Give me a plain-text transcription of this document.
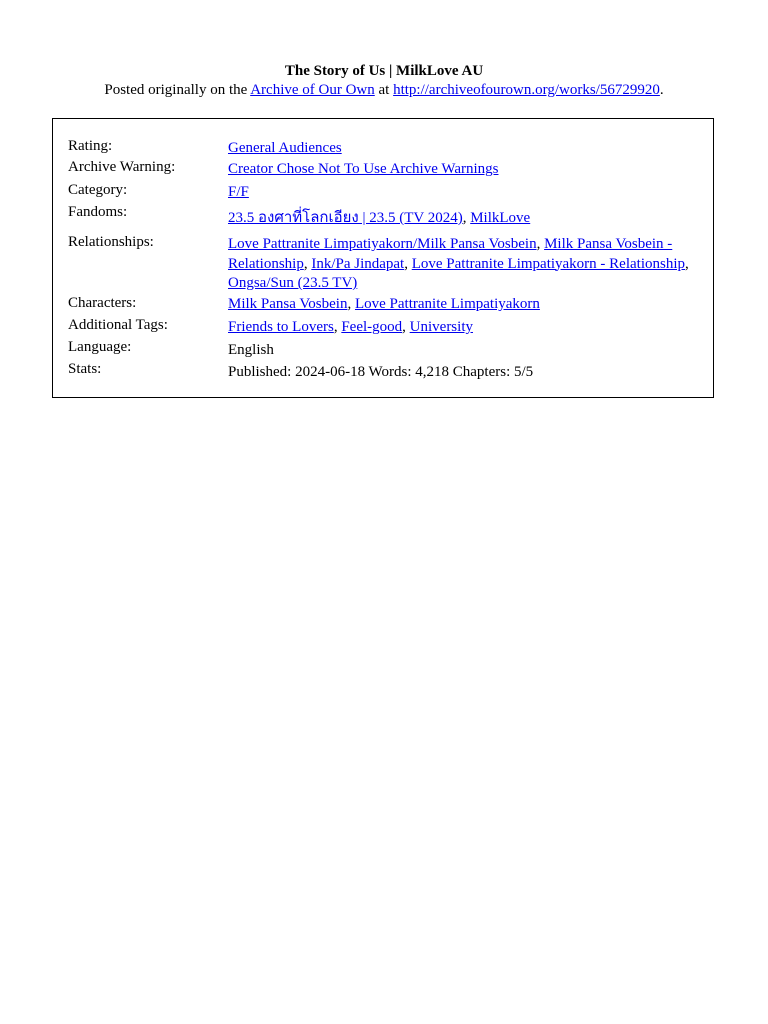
The Story of Us | MilkLove AU
Posted originally on the Archive of Our Own at http://archiveofourown.org/works/56729920.
Rating:	General Audiences
Archive Warning:	Creator Chose Not To Use Archive Warnings
Category:	F/F
Fandoms:	23.5 องศาที่โลกเอียง | 23.5 (TV 2024), MilkLove
Relationships:	Love Pattranite Limpatiyakorn/Milk Pansa Vosbein, Milk Pansa Vosbein - Relationship, Ink/Pa Jindapat, Love Pattranite Limpatiyakorn - Relationship, Ongsa/Sun (23.5 TV)
Characters:	Milk Pansa Vosbein, Love Pattranite Limpatiyakorn
Additional Tags:	Friends to Lovers, Feel-good, University
Language:	English
Stats:	Published: 2024-06-18 Words: 4,218 Chapters: 5/5
